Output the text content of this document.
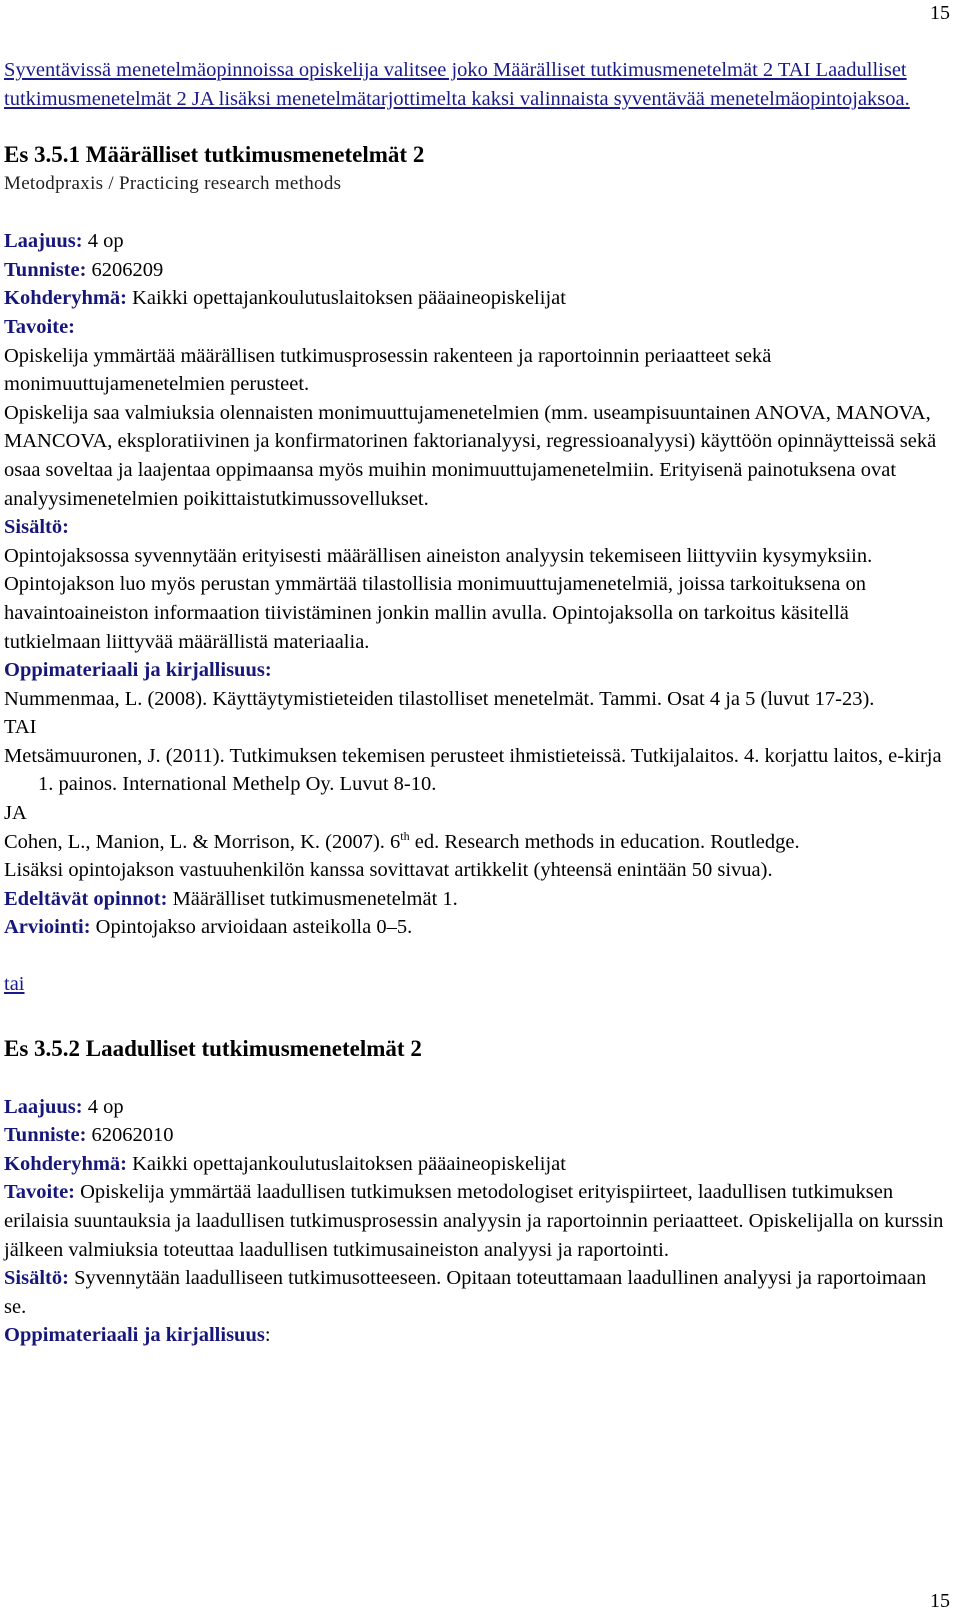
15

Syventävissä menetelmäopinnoissa opiskelija valitsee joko Määrälliset tutkimusmenetelmät 2 TAI Laadulliset tutkimusmenetelmät 2 JA lisäksi menetelmätarjottimelta kaksi valinnaista syventävää menetelmäopintojaksoa.

Es 3.5.1 Määrälliset tutkimusmenetelmät 2
Metodpraxis / Practicing research methods
Laajuus: 4 op
Tunniste: 6206209
Kohderyhmä: Kaikki opettajankoulutuslaitoksen pääaineopiskelijat
Tavoite:

Opiskelija ymmärtää määrällisen tutkimusprosessin rakenteen ja raportoinnin periaatteet sekä monimuuttujamenetelmien perusteet.

Opiskelija saa valmiuksia olennaisten monimuuttujamenetelmien (mm. useampisuuntainen ANOVA, MANOVA, MANCOVA, eksploratiivinen ja konfirmatorinen faktorianalyysi, regressioanalyysi) käyttöön opinnäytteissä sekä osaa soveltaa ja laajentaa oppimaansa myös muihin monimuuttujamenetelmiin. Erityisenä painotuksena ovat analyysimenetelmien poikittaistutkimussovellukset.

Sisältö:

Opintojaksossa syvennytään erityisesti määrällisen aineiston analyysin tekemiseen liittyviin kysymyksiin. Opintojakson luo myös perustan ymmärtää tilastollisia monimuuttujamenetelmiä, joissa tarkoituksena on havaintoaineiston informaation tiivistäminen jonkin mallin avulla. Opintojaksolla on tarkoitus käsitellä tutkielmaan liittyvää määrällistä materiaalia.

Oppimateriaali ja kirjallisuus:

Nummenmaa, L. (2008). Käyttäytymistieteiden tilastolliset menetelmät. Tammi. Osat 4 ja 5 (luvut 17-23).

TAI

Metsämuuronen, J. (2011). Tutkimuksen tekemisen perusteet ihmistieteissä. Tutkijalaitos. 4. korjattu laitos, e-kirja 1. painos. International Methelp Oy. Luvut 8-10.

JA

Cohen, L., Manion, L. & Morrison, K. (2007). 6th ed. Research methods in education. Routledge.

Lisäksi opintojakson vastuuhenkilön kanssa sovittavat artikkelit (yhteensä enintään 50 sivua).

Edeltävät opinnot: Määrälliset tutkimusmenetelmät 1.
Arviointi: Opintojakso arvioidaan asteikolla 0–5.
tai
Es 3.5.2 Laadulliset tutkimusmenetelmät 2
Laajuus: 4 op
Tunniste: 62062010
Kohderyhmä: Kaikki opettajankoulutuslaitoksen pääaineopiskelijat

Tavoite: Opiskelija ymmärtää laadullisen tutkimuksen metodologiset erityispiirteet, laadullisen tutkimuksen erilaisia suuntauksia ja laadullisen tutkimusprosessin analyysin ja raportoinnin periaatteet. Opiskelijalla on kurssin jälkeen valmiuksia toteuttaa laadullisen tutkimusaineiston analyysi ja raportointi.

Sisältö: Syvennytään laadulliseen tutkimusotteeseen. Opitaan toteuttamaan laadullinen analyysi ja raportoimaan se.

Oppimateriaali ja kirjallisuus:
15
